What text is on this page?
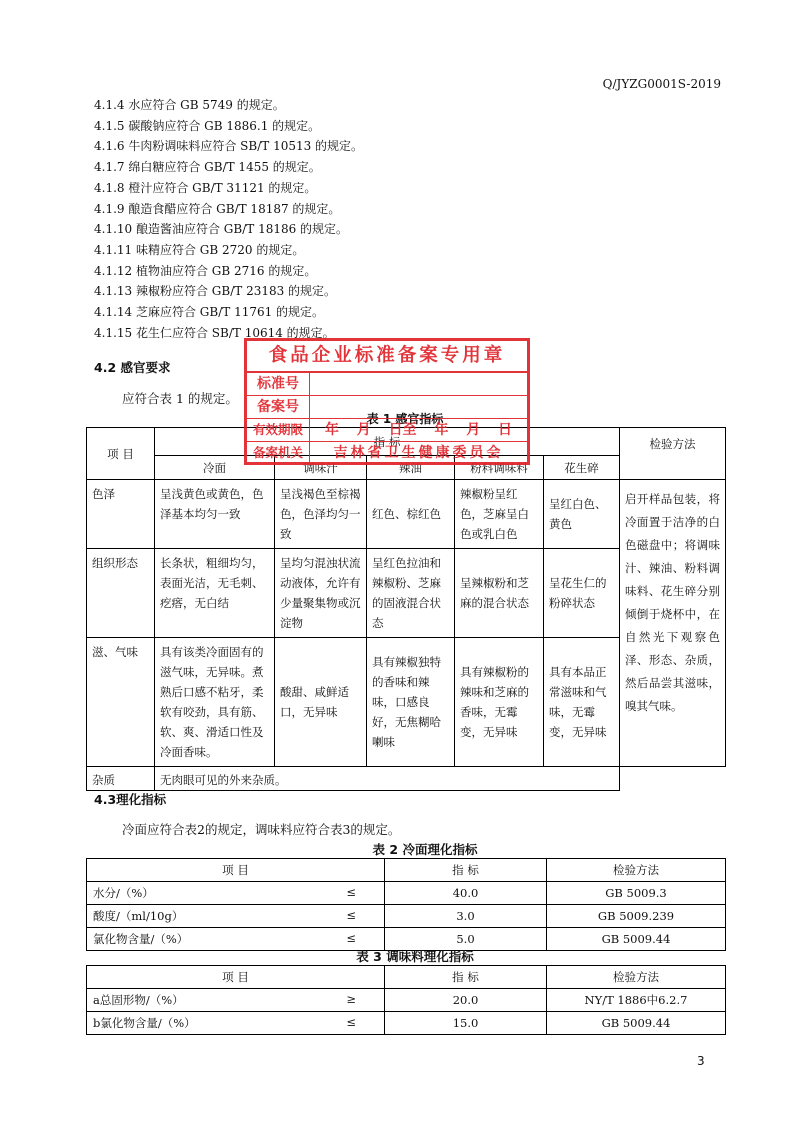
Q/JYZG0001S-2019
4.1.4 水应符合 GB 5749 的规定。
4.1.5 碳酸钠应符合 GB 1886.1 的规定。
4.1.6 牛肉粉调味料应符合 SB/T 10513 的规定。
4.1.7 绵白糖应符合 GB/T 1455 的规定。
4.1.8 橙汁应符合 GB/T 31121 的规定。
4.1.9 酿造食醋应符合 GB/T 18187 的规定。
4.1.10 酿造酱油应符合 GB/T 18186 的规定。
4.1.11 味精应符合 GB 2720 的规定。
4.1.12 植物油应符合 GB 2716 的规定。
4.1.13 辣椒粉应符合 GB/T 23183 的规定。
4.1.14 芝麻应符合 GB/T 11761 的规定。
4.1.15 花生仁应符合 SB/T 10614 的规定。
4.2 感官要求
应符合表 1 的规定。
表 1 感官指标
项 目	指 标					检验方法
	冷面	调味汁	辣油	粉料调味料	花生碎	
色泽	呈浅黄色或黄色，色泽基本均匀一致	呈浅褐色至棕褐色，色泽均匀一致	红色、棕红色	辣椒粉呈红色，芝麻呈白色或乳白色	呈红白色、黄色	启开样品包装，将冷面置于洁净的白色磁盘中；将调味汁、辣油、粉料调味料、花生碎分别倾倒于烧杯中，在自然光下观察色泽、形态、杂质，然后品尝其滋味，嗅其气味。
组织形态	长条状，粗细均匀，表面光洁，无毛刺、疙瘩，无白结	呈均匀混浊状流动液体，允许有少量聚集物或沉淀物	呈红色拉油和辣椒粉、芝麻的固液混合状态	呈辣椒粉和芝麻的混合状态	呈花生仁的粉碎状态	
滋、气味	具有该类冷面固有的滋气味，无异味。煮熟后口感不粘牙，柔软有咬劲，具有筋、软、爽、滑适口性及冷面香味。	酸甜、咸鲜适口，无异味	具有辣椒独特的香味和辣味，口感良好，无焦糊哈喇味	具有辣椒粉的辣味和芝麻的香味，无霉变，无异味	具有本品正常滋味和气味，无霉变，无异味	
杂质	无肉眼可见的外来杂质。					
4.3理化指标
冷面应符合表2的规定，调味料应符合表3的规定。
表 2 冷面理化指标
项 目	指 标	检验方法

水分/（%） ≤	40.0	GB 5009.3

酸度/（ml/10g） ≤	3.0	GB 5009.239

氯化物含量/（%） ≤	5.0	GB 5009.44
表 3 调味料理化指标
项 目	指 标	检验方法

a总固形物/（%） ≥	20.0	NY/T 1886中6.2.7

b氯化物含量/（%） ≤	15.0	GB 5009.44
食品企业标准备案专用章
标准号
备案号
有效期限	年 月 日至 年 月 日
备案机关	吉林省卫生健康委员会
3
